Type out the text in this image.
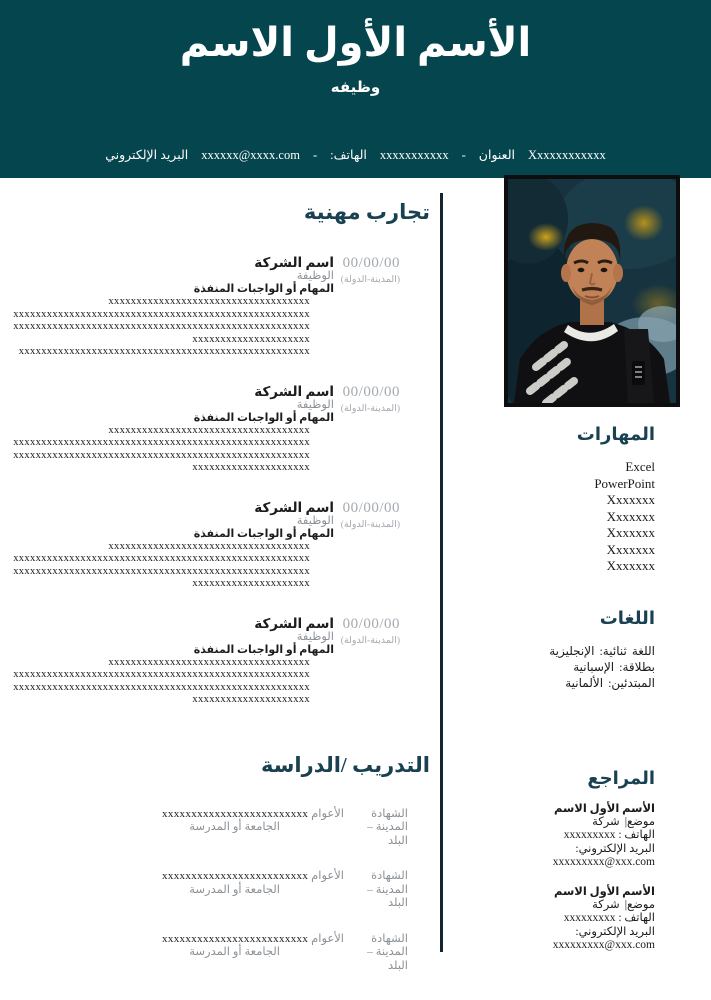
الأسم الأول الاسم
وظيفه
البريد الإلكتروني xxxxxx@xxxx.com - :الهاتف xxxxxxxxxxx - العنوان Xxxxxxxxxxxx
تجارب مهنية
00/00/00
(المدينة-الدولة)
اسم الشركة
الوظيفة
المهام أو الواجبات المنفذة
xxxxxxxxxxxxxxxxxxxxxxxxxxxxxxxxxxxx
xxxxxxxxxxxxxxxxxxxxxxxxxxxxxxxxxxxxxxxxxxxxxxxxxxxxx
xxxxxxxxxxxxxxxxxxxxxxxxxxxxxxxxxxxxxxxxxxxxxxxxxxxxx
xxxxxxxxxxxxxxxxxxxxx
xxxxxxxxxxxxxxxxxxxxxxxxxxxxxxxxxxxxxxxxxxxxxxxxxxxx
00/00/00
(المدينة-الدولة)
اسم الشركة
الوظيفة
المهام أو الواجبات المنفذة
xxxxxxxxxxxxxxxxxxxxxxxxxxxxxxxxxxxx
xxxxxxxxxxxxxxxxxxxxxxxxxxxxxxxxxxxxxxxxxxxxxxxxxxxxx
xxxxxxxxxxxxxxxxxxxxxxxxxxxxxxxxxxxxxxxxxxxxxxxxxxxxx
xxxxxxxxxxxxxxxxxxxxx
00/00/00
(المدينة-الدولة)
اسم الشركة
الوظيفة
المهام أو الواجبات المنفذة
xxxxxxxxxxxxxxxxxxxxxxxxxxxxxxxxxxxx
xxxxxxxxxxxxxxxxxxxxxxxxxxxxxxxxxxxxxxxxxxxxxxxxxxxxx
xxxxxxxxxxxxxxxxxxxxxxxxxxxxxxxxxxxxxxxxxxxxxxxxxxxxx
xxxxxxxxxxxxxxxxxxxxx
00/00/00
(المدينة-الدولة)
اسم الشركة
الوظيفة
المهام أو الواجبات المنفذة
xxxxxxxxxxxxxxxxxxxxxxxxxxxxxxxxxxxx
xxxxxxxxxxxxxxxxxxxxxxxxxxxxxxxxxxxxxxxxxxxxxxxxxxxxx
xxxxxxxxxxxxxxxxxxxxxxxxxxxxxxxxxxxxxxxxxxxxxxxxxxxxx
xxxxxxxxxxxxxxxxxxxxx
التدريب /الدراسة
الشهادة
المدينة – البلد
الأعوام xxxxxxxxxxxxxxxxxxxxxxxxx
الجامعة أو المدرسة
الشهادة
المدينة – البلد
الأعوام xxxxxxxxxxxxxxxxxxxxxxxxx
الجامعة أو المدرسة
الشهادة
المدينة – البلد
الأعوام xxxxxxxxxxxxxxxxxxxxxxxxx
الجامعة أو المدرسة
المهارات
Excel
PowerPoint
Xxxxxxx
Xxxxxxx
Xxxxxxx
Xxxxxxx
Xxxxxxx
اللغات
الإنجليزية :ثنائية اللغة
الإسبانية :بطلاقة
الألمانية :المبتدئين
المراجع
الأسم الأول الاسم
شركة |موضع
الهاتف : xxxxxxxxx
البريد الإلكتروني:
xxxxxxxxx@xxx.com
الأسم الأول الاسم
شركة |موضع
الهاتف : xxxxxxxxx
البريد الإلكتروني:
xxxxxxxxx@xxx.com
